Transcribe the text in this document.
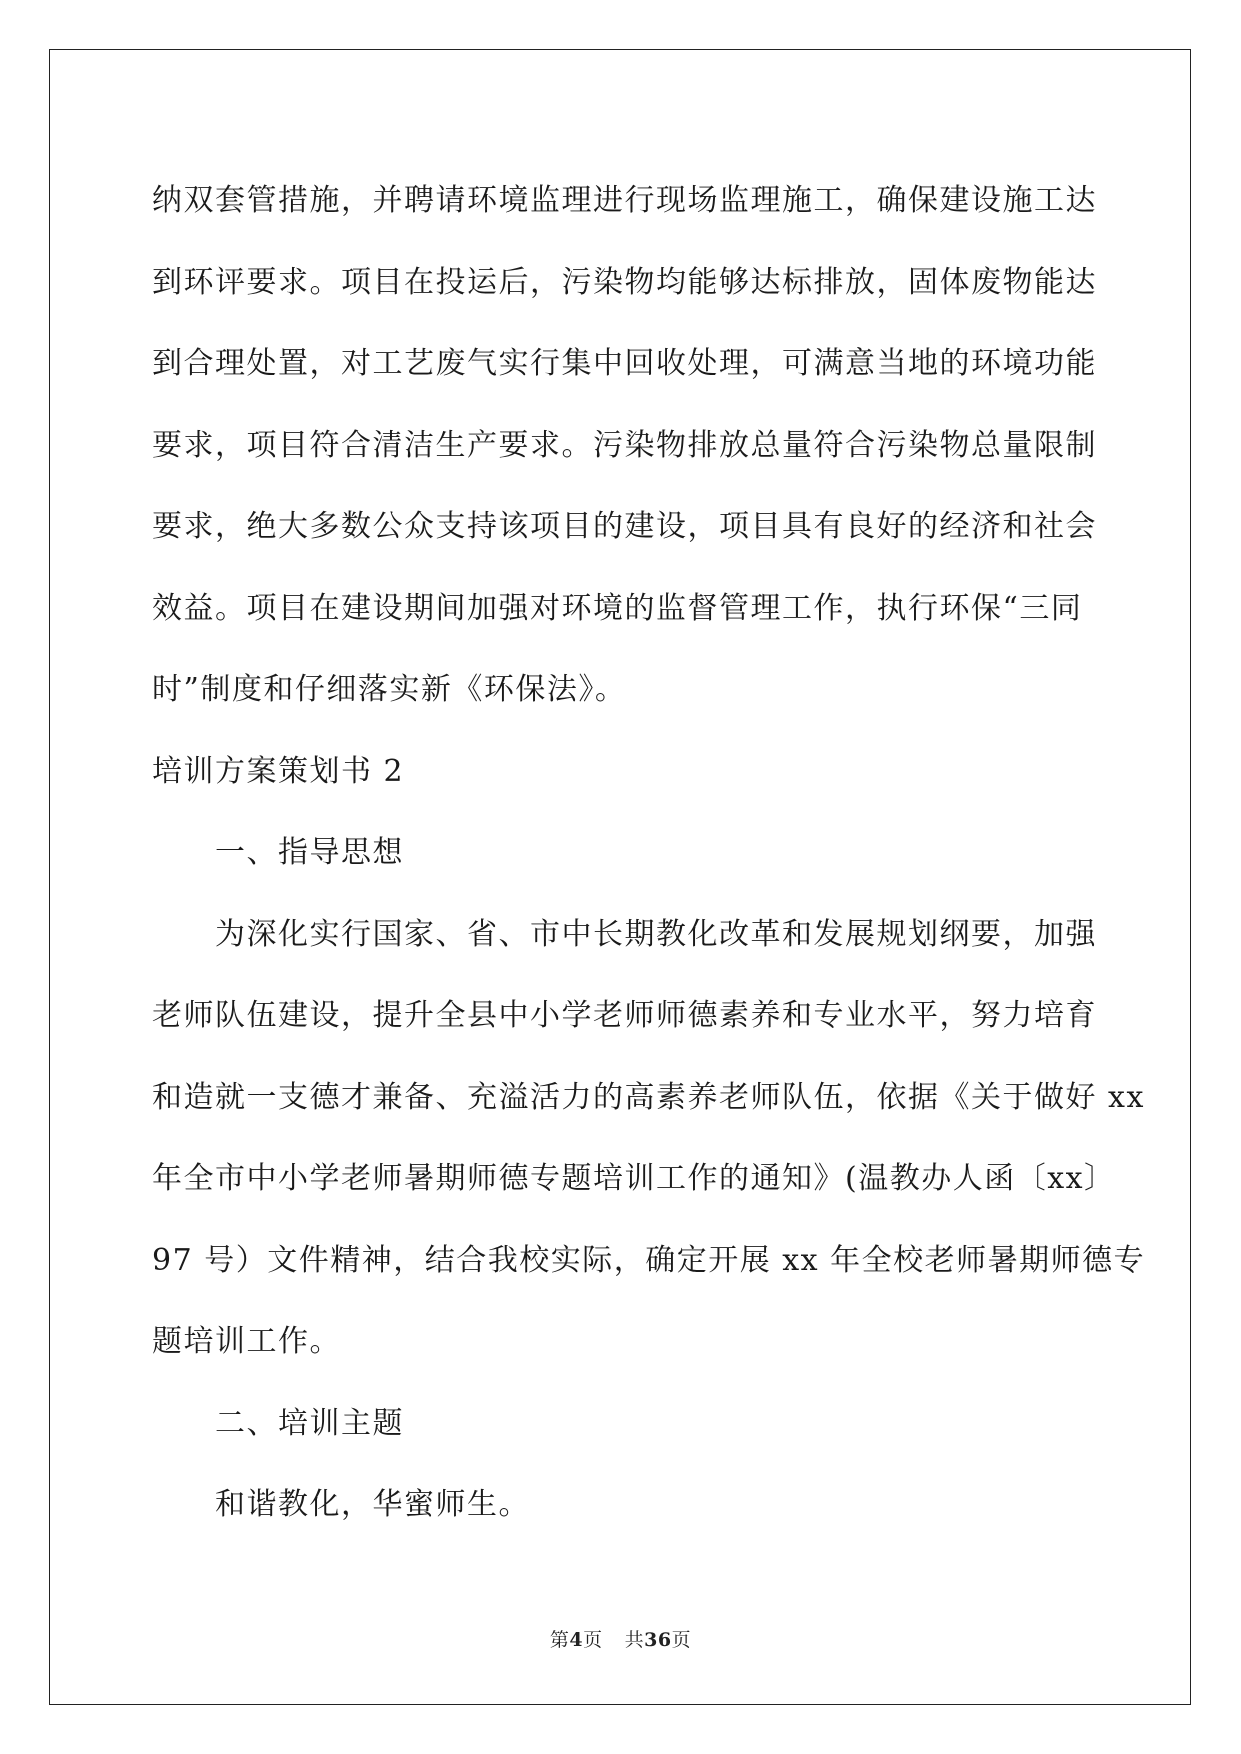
纳双套管措施，并聘请环境监理进行现场监理施工，确保建设施工达
到环评要求。项目在投运后，污染物均能够达标排放，固体废物能达
到合理处置，对工艺废气实行集中回收处理，可满意当地的环境功能
要求，项目符合清洁生产要求。污染物排放总量符合污染物总量限制
要求，绝大多数公众支持该项目的建设，项目具有良好的经济和社会
效益。项目在建设期间加强对环境的监督管理工作，执行环保“三同
时”制度和仔细落实新《环保法》。
培训方案策划书 2
一、指导思想
为深化实行国家、省、市中长期教化改革和发展规划纲要，加强
老师队伍建设，提升全县中小学老师师德素养和专业水平，努力培育
和造就一支德才兼备、充溢活力的高素养老师队伍，依据《关于做好 xx
年全市中小学老师暑期师德专题培训工作的通知》(温教办人函〔xx〕
97 号）文件精神，结合我校实际，确定开展 xx 年全校老师暑期师德专
题培训工作。
二、培训主题
和谐教化，华蜜师生。
第4页 共36页
